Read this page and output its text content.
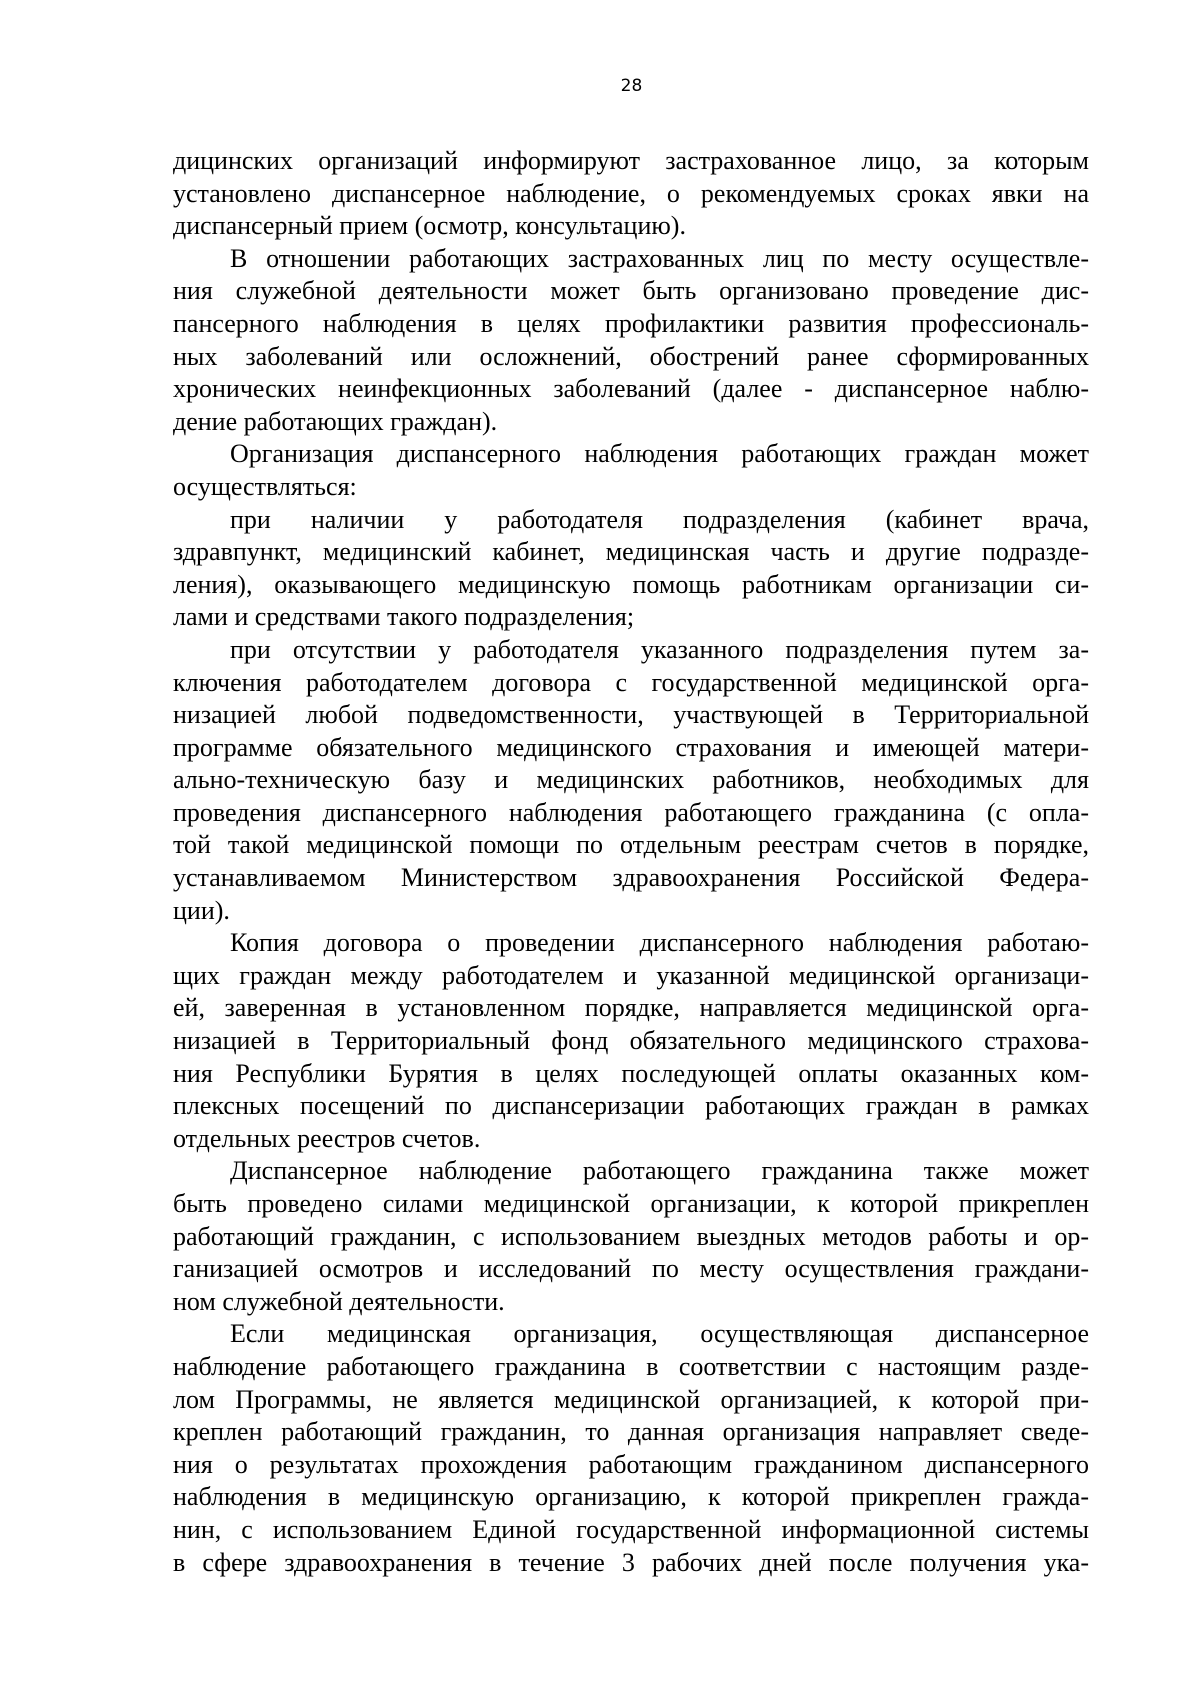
28
дицинских организаций информируют застрахованное лицо, за которым
установлено диспансерное наблюдение, о рекомендуемых сроках явки на
диспансерный прием (осмотр, консультацию).
В отношении работающих застрахованных лиц по месту осуществле-
ния служебной деятельности может быть организовано проведение дис-
пансерного наблюдения в целях профилактики развития профессиональ-
ных заболеваний или осложнений, обострений ранее сформированных
хронических неинфекционных заболеваний (далее - диспансерное наблю-
дение работающих граждан).
Организация диспансерного наблюдения работающих граждан может
осуществляться:
при наличии у работодателя подразделения (кабинет врача,
здравпункт, медицинский кабинет, медицинская часть и другие подразде-
ления), оказывающего медицинскую помощь работникам организации си-
лами и средствами такого подразделения;
при отсутствии у работодателя указанного подразделения путем за-
ключения работодателем договора с государственной медицинской орга-
низацией любой подведомственности, участвующей в Территориальной
программе обязательного медицинского страхования и имеющей матери-
ально-техническую базу и медицинских работников, необходимых для
проведения диспансерного наблюдения работающего гражданина (с опла-
той такой медицинской помощи по отдельным реестрам счетов в порядке,
устанавливаемом Министерством здравоохранения Российской Федера-
ции).
Копия договора о проведении диспансерного наблюдения работаю-
щих граждан между работодателем и указанной медицинской организаци-
ей, заверенная в установленном порядке, направляется медицинской орга-
низацией в Территориальный фонд обязательного медицинского страхова-
ния Республики Бурятия в целях последующей оплаты оказанных ком-
плексных посещений по диспансеризации работающих граждан в рамках
отдельных реестров счетов.
Диспансерное наблюдение работающего гражданина также может
быть проведено силами медицинской организации, к которой прикреплен
работающий гражданин, с использованием выездных методов работы и ор-
ганизацией осмотров и исследований по месту осуществления граждани-
ном служебной деятельности.
Если медицинская организация, осуществляющая диспансерное
наблюдение работающего гражданина в соответствии с настоящим разде-
лом Программы, не является медицинской организацией, к которой при-
креплен работающий гражданин, то данная организация направляет сведе-
ния о результатах прохождения работающим гражданином диспансерного
наблюдения в медицинскую организацию, к которой прикреплен гражда-
нин, с использованием Единой государственной информационной системы
в сфере здравоохранения в течение 3 рабочих дней после получения ука-
